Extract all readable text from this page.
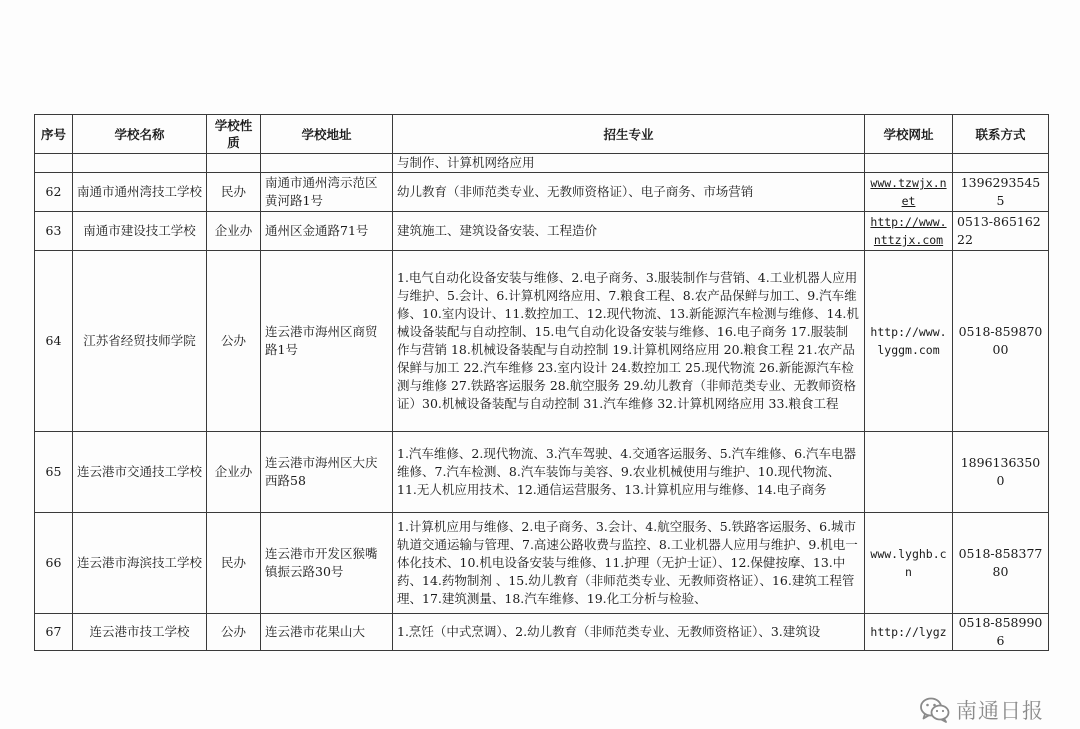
序号	学校名称	学校性质	学校地址	招生专业	学校网址	联系方式
				与制作、计算机网络应用		
62	南通市通州湾技工学校	民办	南通市通州湾示范区黄河路1号	幼儿教育（非师范类专业、无教师资格证）、电子商务、市场营销	www.tzwjx.net	13962935455
63	南通市建设技工学校	企业办	通州区金通路71号	建筑施工、建筑设备安装、工程造价	http://www.nttzjx.com	0513-86516222
64	江苏省经贸技师学院	公办	连云港市海州区商贸路1号	1.电气自动化设备安装与维修、2.电子商务、3.服装制作与营销、4.工业机器人应用与维护、5.会计、6.计算机网络应用、7.粮食工程、8.农产品保鲜与加工、9.汽车维修、10.室内设计、11.数控加工、12.现代物流、13.新能源汽车检测与维修、14.机械设备装配与自动控制、15.电气自动化设备安装与维修、16.电子商务 17.服装制作与营销 18.机械设备装配与自动控制 19.计算机网络应用 20.粮食工程 21.农产品保鲜与加工 22.汽车维修 23.室内设计 24.数控加工 25.现代物流 26.新能源汽车检测与维修 27.铁路客运服务 28.航空服务 29.幼儿教育（非师范类专业、无教师资格证）30.机械设备装配与自动控制 31.汽车维修 32.计算机网络应用 33.粮食工程	http://www.lyggm.com	0518-85987000
65	连云港市交通技工学校	企业办	连云港市海州区大庆西路58	1.汽车维修、2.现代物流、3.汽车驾驶、4.交通客运服务、5.汽车维修、6.汽车电器维修、7.汽车检测、8.汽车装饰与美容、9.农业机械使用与维护、10.现代物流、11.无人机应用技术、12.通信运营服务、13.计算机应用与维修、14.电子商务		18961363500
66	连云港市海滨技工学校	民办	连云港市开发区猴嘴镇振云路30号	1.计算机应用与维修、2.电子商务、3.会计、4.航空服务、5.铁路客运服务、6.城市轨道交通运输与管理、7.高速公路收费与监控、8.工业机器人应用与维护、9.机电一体化技术、10.机电设备安装与维修、11.护理（无护士证）、12.保健按摩、13.中药、14.药物制剂 、15.幼儿教育（非师范类专业、无教师资格证）、16.建筑工程管理、17.建筑测量、18.汽车维修、19.化工分析与检验、	www.lyghb.cn	0518-85837780
67	连云港市技工学校	公办	连云港市花果山大	1.烹饪（中式烹调）、2.幼儿教育（非师范类专业、无教师资格证）、3.建筑设	http://lygz	0518-8589906
南通日报
